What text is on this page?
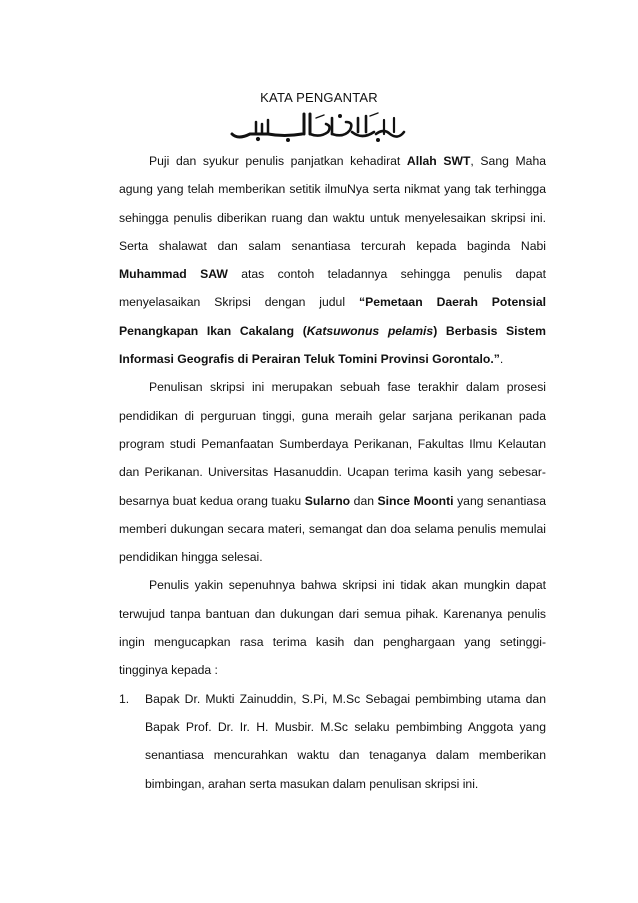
KATA PENGANTAR

Puji dan syukur penulis panjatkan kehadirat Allah SWT, Sang Maha agung yang telah memberikan setitik ilmuNya serta nikmat yang tak terhingga sehingga penulis diberikan ruang dan waktu untuk menyelesaikan skripsi ini. Serta shalawat dan salam senantiasa tercurah kepada baginda Nabi Muhammad SAW atas contoh teladannya sehingga penulis dapat menyelasaikan Skripsi dengan judul “Pemetaan Daerah Potensial Penangkapan Ikan Cakalang (Katsuwonus pelamis) Berbasis Sistem Informasi Geografis di Perairan Teluk Tomini Provinsi Gorontalo.”.

Penulisan skripsi ini merupakan sebuah fase terakhir dalam prosesi pendidikan di perguruan tinggi, guna meraih gelar sarjana perikanan pada program studi Pemanfaatan Sumberdaya Perikanan, Fakultas Ilmu Kelautan dan Perikanan. Universitas Hasanuddin. Ucapan terima kasih yang sebesar-besarnya buat kedua orang tuaku Sularno dan Since Moonti yang senantiasa memberi dukungan secara materi, semangat dan doa selama penulis memulai pendidikan hingga selesai.

Penulis yakin sepenuhnya bahwa skripsi ini tidak akan mungkin dapat terwujud tanpa bantuan dan dukungan dari semua pihak. Karenanya penulis ingin mengucapkan rasa terima kasih dan penghargaan yang setinggi-tingginya kepada :

1. Bapak Dr. Mukti Zainuddin, S.Pi, M.Sc Sebagai pembimbing utama dan Bapak Prof. Dr. Ir. H. Musbir. M.Sc selaku pembimbing Anggota yang senantiasa mencurahkan waktu dan tenaganya dalam memberikan bimbingan, arahan serta masukan dalam penulisan skripsi ini.
